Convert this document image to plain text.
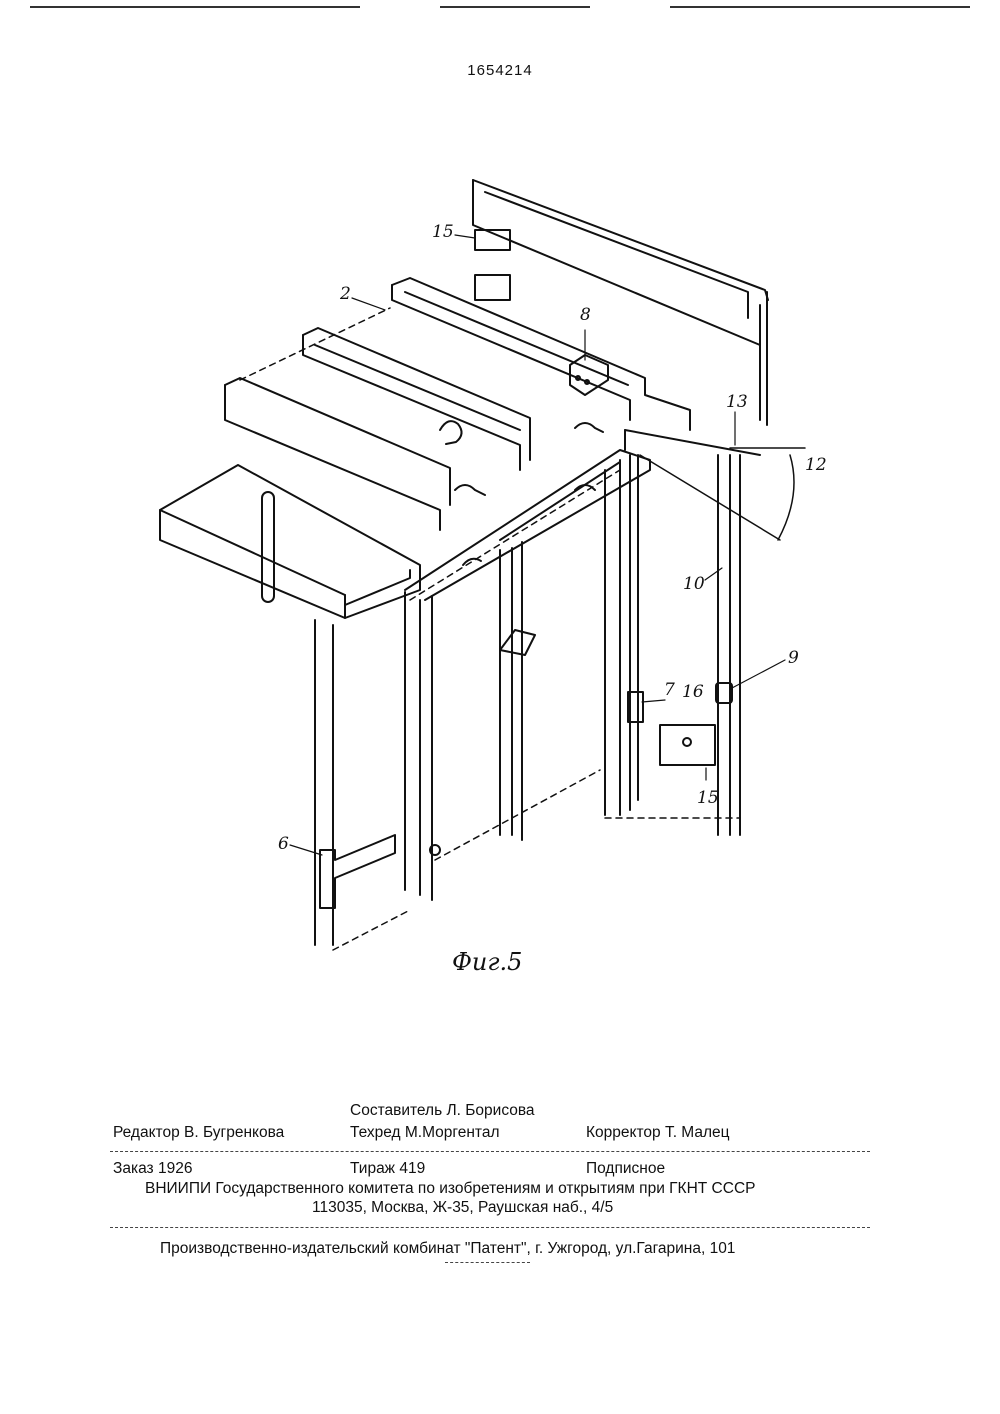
1654214
15
2
8
13
12
10
9
7 16
15
6
Фиг.5
Составитель Л. Борисова
Редактор В. Бугренкова	Техред М.Моргентал	Корректор Т. Малец
Заказ 1926	Тираж 419	Подписное
ВНИИПИ Государственного комитета по изобретениям и открытиям при ГКНТ СССР
113035, Москва, Ж-35, Раушская наб., 4/5
Производственно-издательский комбинат "Патент", г. Ужгород, ул.Гагарина, 101
